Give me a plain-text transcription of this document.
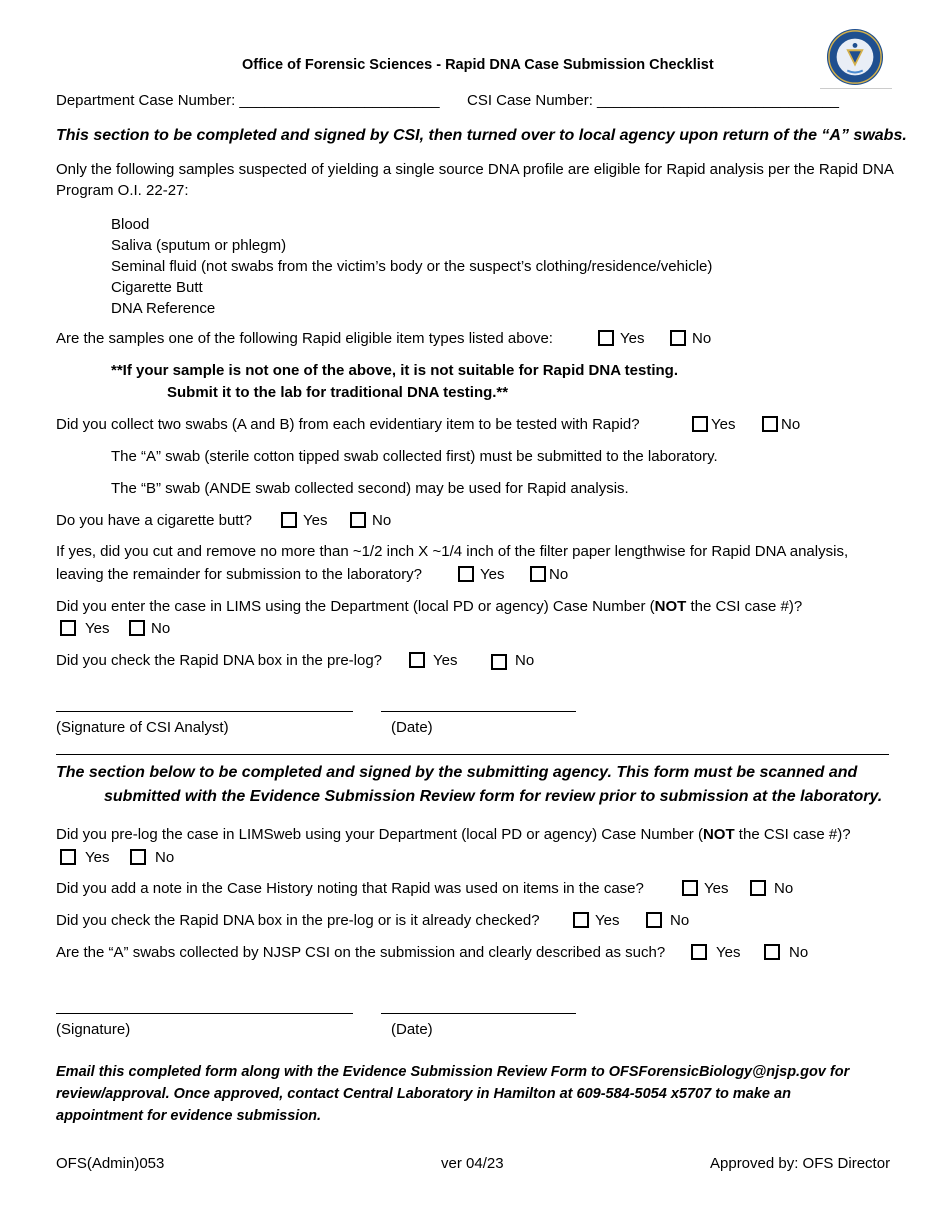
Office of Forensic Sciences - Rapid DNA Case Submission Checklist
Department Case Number: ________________________ CSI Case Number: _____________________________
This section to be completed and signed by CSI, then turned over to local agency upon return of the “A” swabs.
Only the following samples suspected of yielding a single source DNA profile are eligible for Rapid analysis per the Rapid DNA Program O.I. 22-27:
Blood
Saliva (sputum or phlegm)
Seminal fluid (not swabs from the victim’s body or the suspect’s clothing/residence/vehicle)
Cigarette Butt
DNA Reference
Are the samples one of the following Rapid eligible item types listed above:	Yes	No
**If your sample is not one of the above, it is not suitable for Rapid DNA testing.
Submit it to the lab for traditional DNA testing.**
Did you collect two swabs (A and B) from each evidentiary item to be tested with Rapid?	Yes	No
The “A” swab (sterile cotton tipped swab collected first) must be submitted to the laboratory.
The “B” swab (ANDE swab collected second) may be used for Rapid analysis.
Do you have a cigarette butt?	Yes	No
If yes, did you cut and remove no more than ~1/2 inch X ~1/4 inch of the filter paper lengthwise for Rapid DNA analysis,
leaving the remainder for submission to the laboratory?	Yes	No
Did you enter the case in LIMS using the Department (local PD or agency) Case Number (NOT the CSI case #)?
Yes	No
Did you check the Rapid DNA box in the pre-log?	Yes	No
(Signature of CSI Analyst)	(Date)
The section below to be completed and signed by the submitting agency. This form must be scanned and
submitted with the Evidence Submission Review form for review prior to submission at the laboratory.
Did you pre-log the case in LIMSweb using your Department (local PD or agency) Case Number (NOT the CSI case #)?
Yes	No
Did you add a note in the Case History noting that Rapid was used on items in the case?	Yes	No
Did you check the Rapid DNA box in the pre-log or is it already checked?	Yes	No
Are the “A” swabs collected by NJSP CSI on the submission and clearly described as such?	Yes	No
(Signature)	(Date)
Email this completed form along with the Evidence Submission Review Form to OFSForensicBiology@njsp.gov for
review/approval. Once approved, contact Central Laboratory in Hamilton at 609-584-5054 x5707 to make an
appointment for evidence submission.
OFS(Admin)053	ver 04/23	Approved by: OFS Director
